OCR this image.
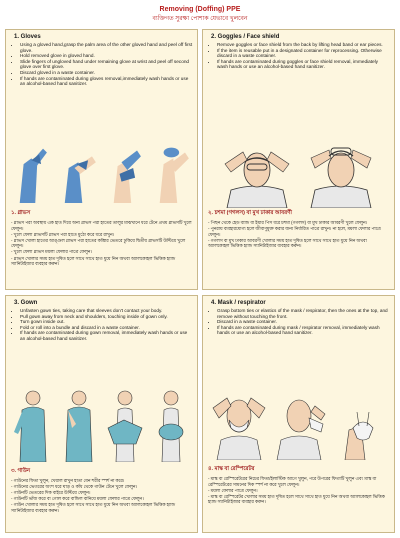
Removing (Doffing) PPE
ব্যক্তিগত সুরক্ষা পোশাক যেভাবে খুলবেন
1. Gloves
• Using a gloved hand,grasp the palm area of the other gloved hand and peel off first glove.
• Hold removed glove in gloved hand.
• Slide fingers of ungloved hand under remaining glove at wrist and peel off second glove over first glove.
• Discard gloved in a waste container.
• If hands are contaminated during gloves removal,immediately wash hands or use an alcohol-based hand sanitizer.
১. গ্লাভস
- গ্লাভস পরা অবস্থায় এক হাত দিয়ে অন্য গ্লাভস পরা হাতের তালুর মাঝখানে ধরে টেনে প্রথম গ্লাভসটি খুলে ফেলুন।
- খুলে ফেলা গ্লাভসটি গ্লাভস পরা হাতে মুঠো করে ধরে রাখুন।
- গ্লাভস খোলা হাতের আঙ্গুল গ্লাভস পরা হাতের কব্জির ভেতরে ঢুকিয়ে দ্বিতীয় গ্লাভসটি উল্টিয়ে খুলে ফেলুন।
- খুলে ফেলা গ্লাভস ময়লা ফেলার পাত্রে ফেলুন।
- গ্লাভস খোলার সময় হাত দূষিত হলে সাথে সাথে হাত ধুয়ে নিন অথবা অ্যালকোহল ভিত্তিক হ্যান্ড স্যানিটাইজার ব্যবহার করুন।
2. Goggles / Face shield
• Remove goggles or face shield from the back by lifting head band or ear pieces.
• If the item is reusable put in a designated container for reprocessing. Otherwise discard in a waste container.
• If hands are contaminated during goggles or face shield removal, immediately wash hands or use an alcohol-based hand sanitizer.
২. চশমা (গগলস) বা মুখ ঢাকার আবরণী
- পিছন থেকে হেড ব্যান্ড বা ইয়ার পিস ধরে চশমা (গগলস) বা মুখ ঢাকার আবরণী খুলে ফেলুন।
- পুনরায় ব্যবহারযোগ্য হলে জীবাণুমুক্ত করার জন্য নির্ধারিত পাত্রে রাখুন। না হলে, ময়লা ফেলার পাত্রে ফেলুন।
- গগলস বা মুখ ঢাকার আবরণী খোলার সময় হাত দূষিত হলে সাথে সাথে হাত ধুয়ে নিন অথবা অ্যালকোহল ভিত্তিক হ্যান্ড স্যানিটাইজার ব্যবহার করুন।
3. Gown
• Unfasten gown ties, taking care that sleeves don't contact your body.
• Pull gown away from neck and shoulders, touching inside of gown only.
• Turn gown inside out.
• Fold or roll into a bundle and discard in a waste container.
• If hands are contaminated during gown removal, immediately wash hands or use an alcohol-based hand sanitizer.
৩. গাউন
- গাউনের ফিতা খুলুন, খেয়াল রাখুন হাতা যেন শরীর স্পর্শ না করে।
- গাউনের ভেতরের অংশ ধরে ঘাড় ও কাঁধ থেকে গাউন টেনে খুলে ফেলুন।
- গাউনটি ভেতরের দিক বাইরে উল্টিয়ে ফেলুন।
- গাউনটি ভাঁজ করে বা গোল করে বান্ডিল বানিয়ে ময়লা ফেলার পাত্রে ফেলুন।
- গাউন খোলার সময় হাত দূষিত হলে সাথে সাথে হাত ধুয়ে নিন অথবা অ্যালকোহল ভিত্তিক হ্যান্ড স্যানিটাইজার ব্যবহার করুন।
4. Mask / respirator
• Grasp bottom ties or elastics of the mask / respirator, then the ones at the top, and remove without touching the front.
• Discard in a waste container.
• If hands are contaminated during mask / respirator removal, immediately wash hands or use an alcohol-based hand sanitizer.
৪. মাস্ক বা রেস্পিরেটর
- মাস্ক বা রেস্পিরেটরের নিচের ফিতা/ইলাস্টিক আগে খুলুন, পরে উপরের ফিতাটি খুলুন এবং মাস্ক বা রেস্পিরেটরের সামনের দিক স্পর্শ না করে খুলে ফেলুন।
- ময়লা ফেলার পাত্রে ফেলুন।
- মাস্ক বা রেস্পিরেটর খোলার সময় হাত দূষিত হলে সাথে সাথে হাত ধুয়ে নিন অথবা অ্যালকোহল ভিত্তিক হ্যান্ড স্যানিটাইজার ব্যবহার করুন।
